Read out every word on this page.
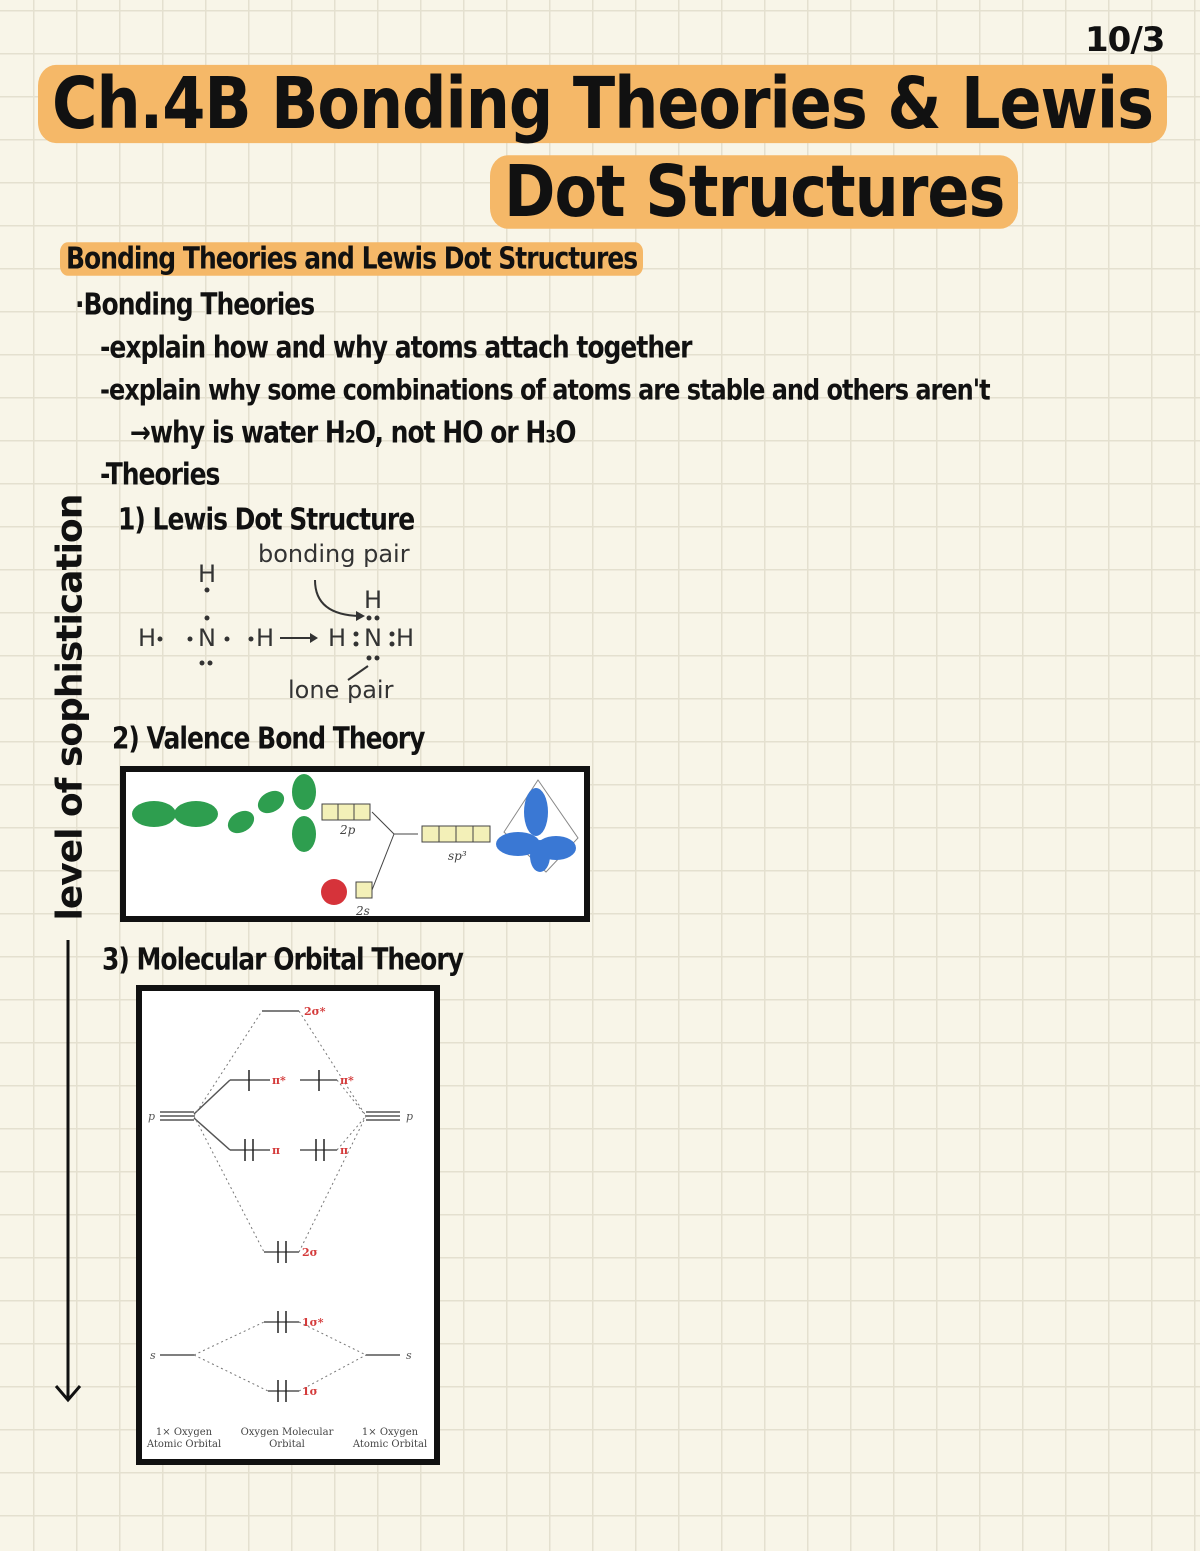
10/3
Ch.4B Bonding Theories & Lewis
Dot Structures
Bonding Theories and Lewis Dot Structures
·Bonding Theories
-explain how and why atoms attach together
-explain why some combinations of atoms are stable and others aren't
→why is water H₂O, not HO or H₃O
-Theories
1) Lewis Dot Structure
level of sophistication	bonding pair
H
H N H
H
H N H
lone pair
2) Valence Bond Theory
2p
2s
sp³
3) Molecular Orbital Theory
2σ*
π*	π*
π	π
2σ
1σ*
1σ
p	p
s	s
1× Oxygen Atomic Orbital
Oxygen Molecular Orbital
1× Oxygen Atomic Orbital
